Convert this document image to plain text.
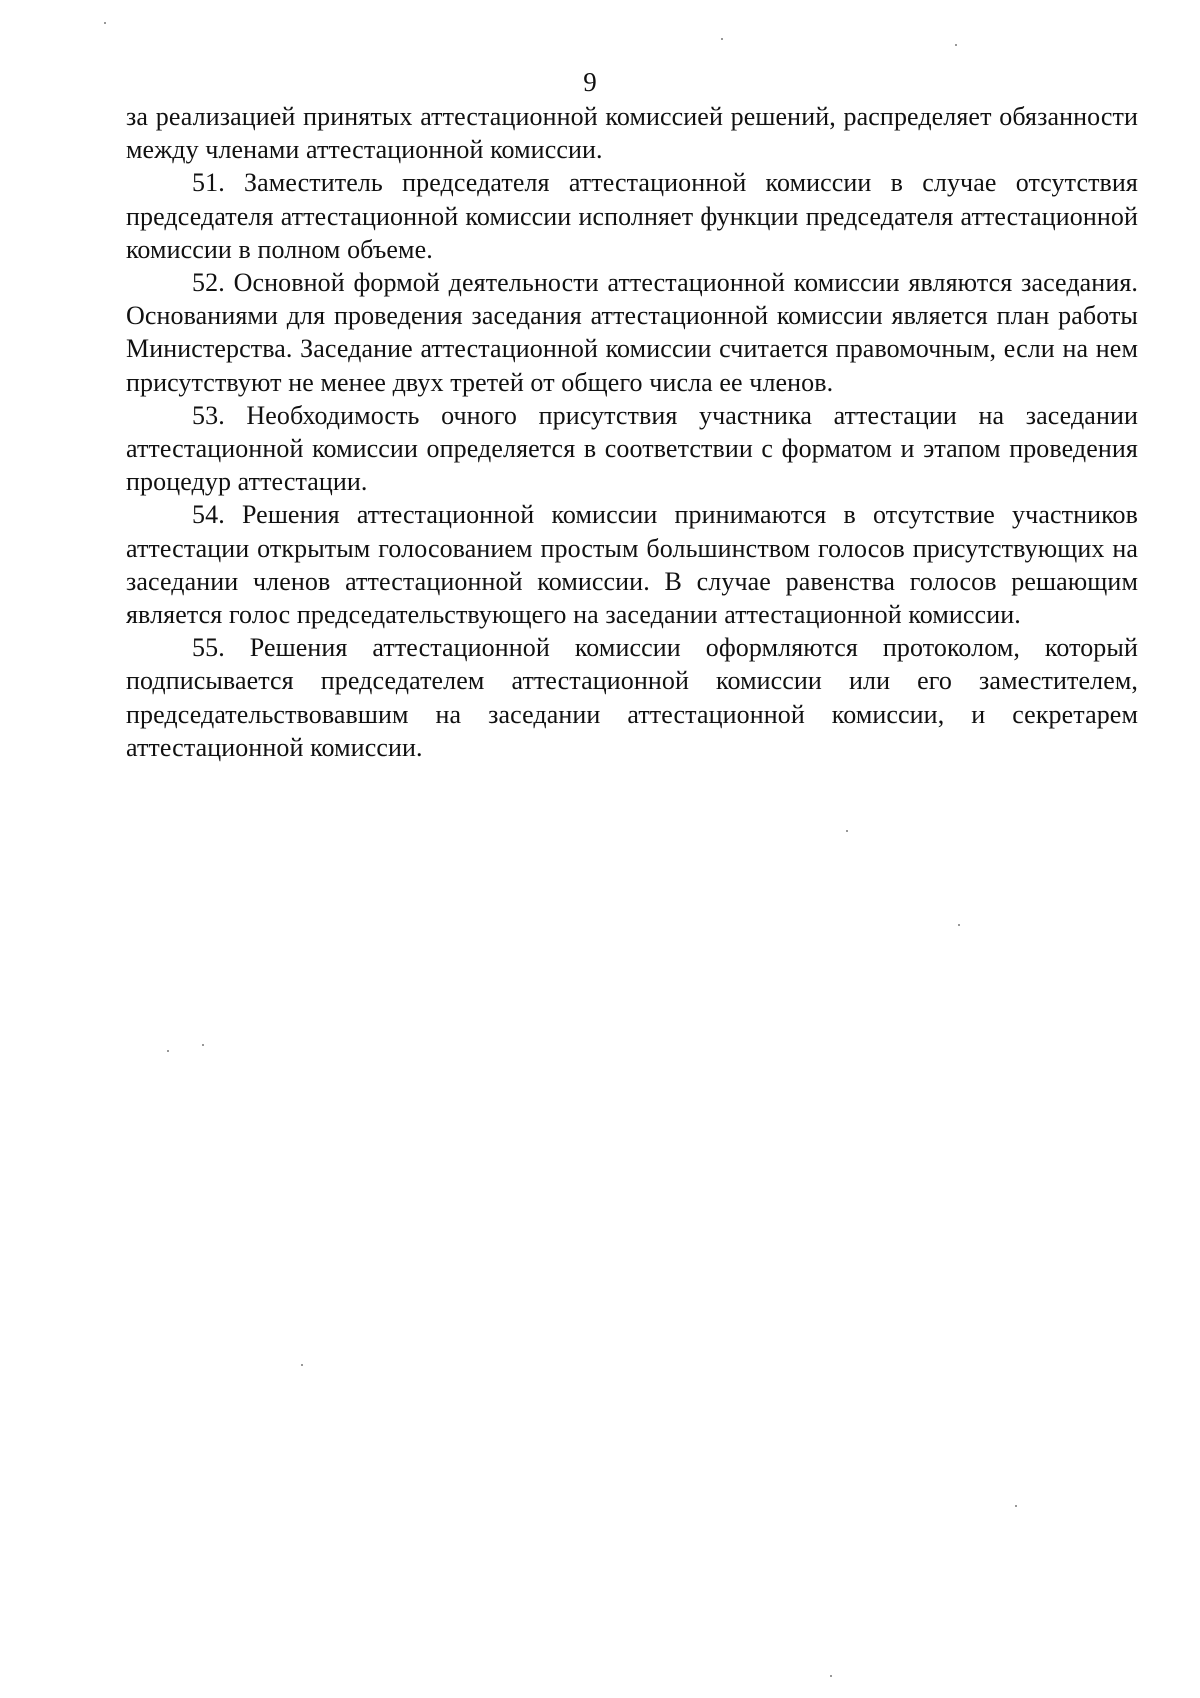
9

за реализацией принятых аттестационной комиссией решений, распределяет обязанности между членами аттестационной комиссии.

51. Заместитель председателя аттестационной комиссии в случае отсутствия председателя аттестационной комиссии исполняет функции председателя аттестационной комиссии в полном объеме.

52. Основной формой деятельности аттестационной комиссии являются заседания. Основаниями для проведения заседания аттестационной комиссии является план работы Министерства. Заседание аттестационной комиссии считается правомочным, если на нем присутствуют не менее двух третей от общего числа ее членов.

53. Необходимость очного присутствия участника аттестации на заседании аттестационной комиссии определяется в соответствии с форматом и этапом проведения процедур аттестации.

54. Решения аттестационной комиссии принимаются в отсутствие участников аттестации открытым голосованием простым большинством голосов присутствующих на заседании членов аттестационной комиссии. В случае равенства голосов решающим является голос председательствующего на заседании аттестационной комиссии.

55. Решения аттестационной комиссии оформляются протоколом, который подписывается председателем аттестационной комиссии или его заместителем, председательствовавшим на заседании аттестационной комиссии, и секретарем аттестационной комиссии.
